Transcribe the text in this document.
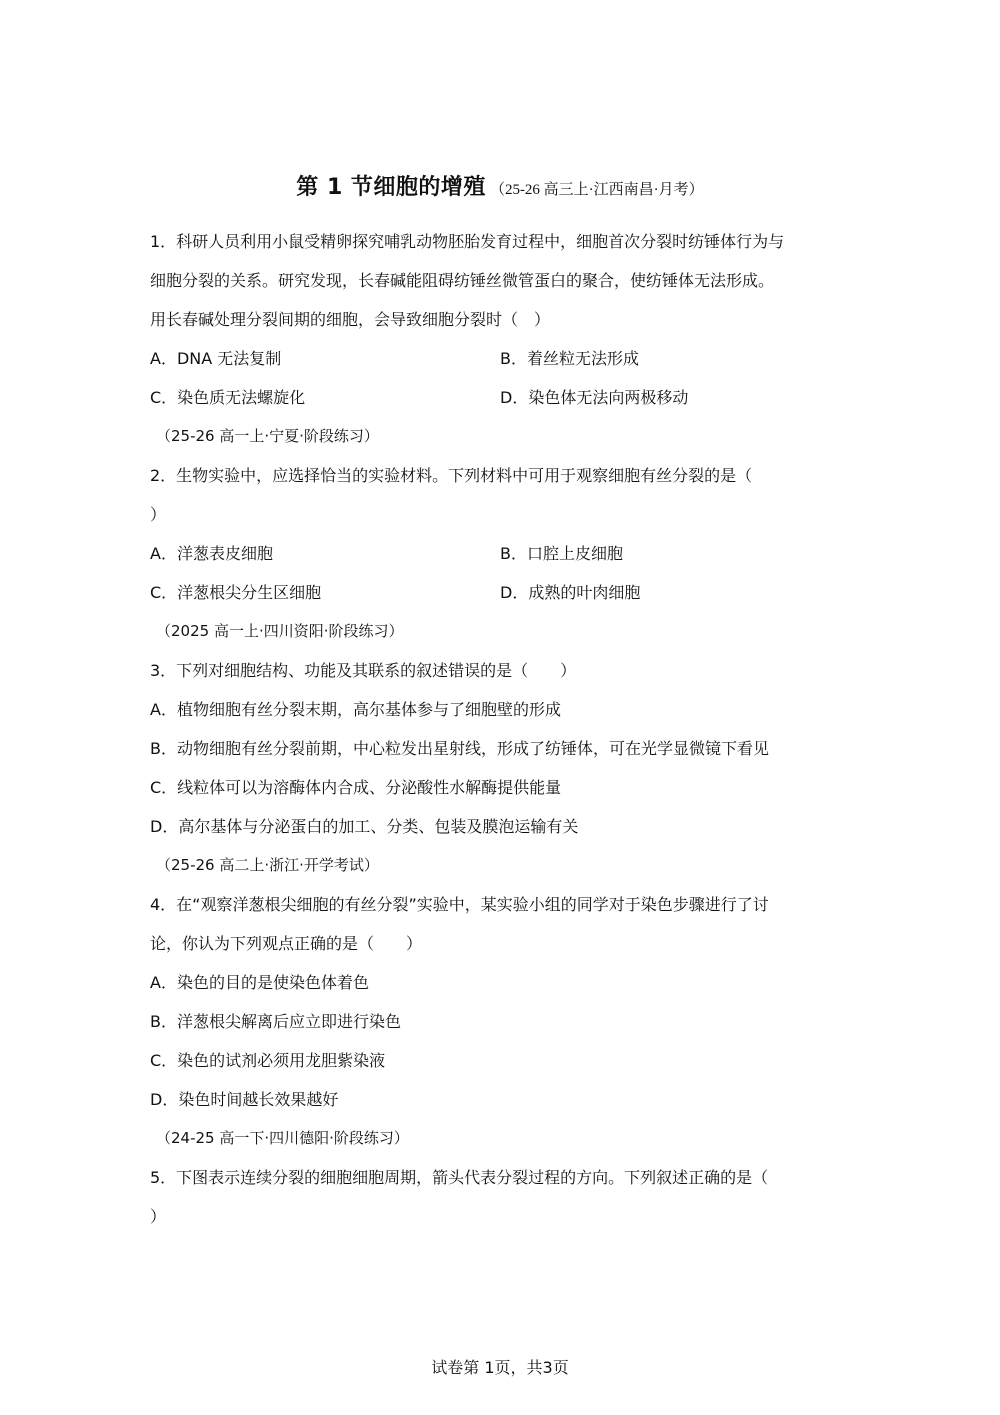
第 1 节细胞的增殖 （25-26 高三上·江西南昌·月考）
1．科研人员利用小鼠受精卵探究哺乳动物胚胎发育过程中，细胞首次分裂时纺锤体行为与
细胞分裂的关系。研究发现，长春碱能阻碍纺锤丝微管蛋白的聚合，使纺锤体无法形成。
用长春碱处理分裂间期的细胞，会导致细胞分裂时（　）
A．DNA 无法复制	B．着丝粒无法形成
C．染色质无法螺旋化	D．染色体无法向两极移动
（25-26 高一上·宁夏·阶段练习）
2．生物实验中，应选择恰当的实验材料。下列材料中可用于观察细胞有丝分裂的是（
）
A．洋葱表皮细胞	B．口腔上皮细胞
C．洋葱根尖分生区细胞	D．成熟的叶肉细胞
（2025 高一上·四川资阳·阶段练习）
3．下列对细胞结构、功能及其联系的叙述错误的是（　　）
A．植物细胞有丝分裂末期，高尔基体参与了细胞壁的形成
B．动物细胞有丝分裂前期，中心粒发出星射线，形成了纺锤体，可在光学显微镜下看见
C．线粒体可以为溶酶体内合成、分泌酸性水解酶提供能量
D．高尔基体与分泌蛋白的加工、分类、包装及膜泡运输有关
（25-26 高二上·浙江·开学考试）
4．在“观察洋葱根尖细胞的有丝分裂”实验中，某实验小组的同学对于染色步骤进行了讨
论，你认为下列观点正确的是（　　）
A．染色的目的是使染色体着色
B．洋葱根尖解离后应立即进行染色
C．染色的试剂必须用龙胆紫染液
D．染色时间越长效果越好
（24-25 高一下·四川德阳·阶段练习）
5．下图表示连续分裂的细胞细胞周期，箭头代表分裂过程的方向。下列叙述正确的是（
）
试卷第 1页，共3页
